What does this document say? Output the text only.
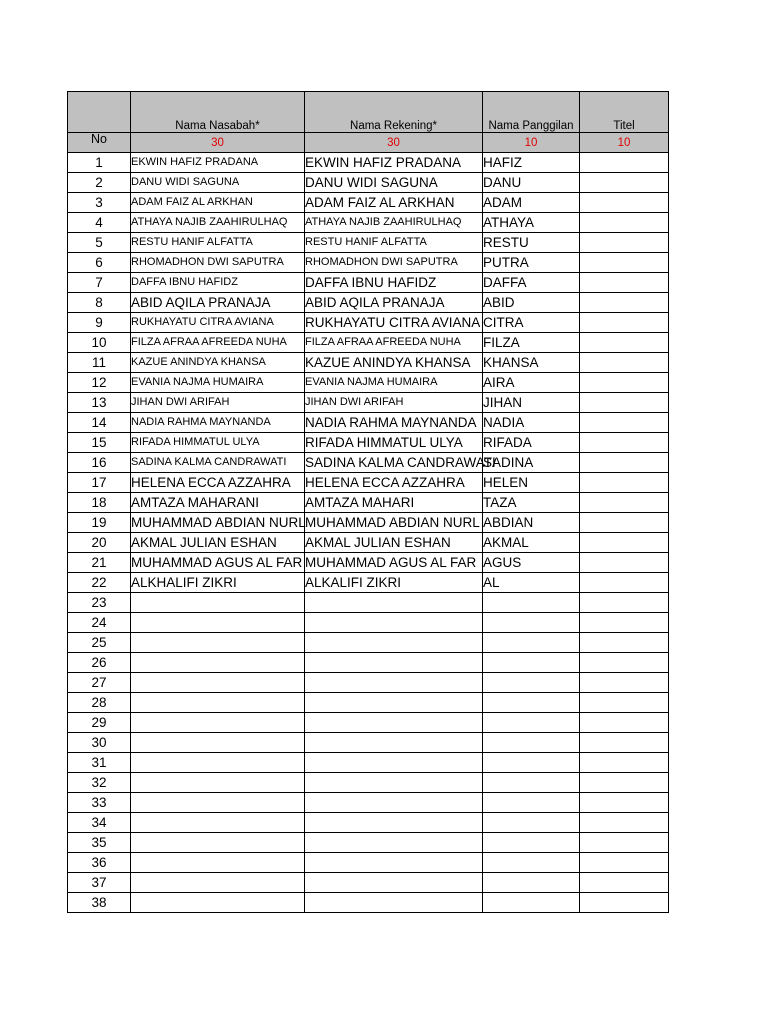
No	Nama Nasabah*	Nama Rekening*	Nama Panggilan	Titel
	30	30	10	10
1	EKWIN HAFIZ PRADANA	EKWIN HAFIZ PRADANA	HAFIZ	
2	DANU WIDI SAGUNA	DANU WIDI SAGUNA	DANU	
3	ADAM FAIZ AL ARKHAN	ADAM FAIZ AL ARKHAN	ADAM	
4	ATHAYA NAJIB ZAAHIRULHAQ	ATHAYA NAJIB ZAAHIRULHAQ	ATHAYA	
5	RESTU HANIF ALFATTA	RESTU HANIF ALFATTA	RESTU	
6	RHOMADHON DWI SAPUTRA	RHOMADHON DWI SAPUTRA	PUTRA	
7	DAFFA IBNU HAFIDZ	DAFFA IBNU HAFIDZ	DAFFA	
8	ABID AQILA PRANAJA	ABID AQILA PRANAJA	ABID	
9	RUKHAYATU CITRA AVIANA	RUKHAYATU CITRA AVIANA	CITRA	
10	FILZA AFRAA AFREEDA NUHA	FILZA AFRAA AFREEDA NUHA	FILZA	
11	KAZUE ANINDYA KHANSA	KAZUE ANINDYA KHANSA	KHANSA	
12	EVANIA NAJMA HUMAIRA	EVANIA NAJMA HUMAIRA	AIRA	
13	JIHAN DWI ARIFAH	JIHAN DWI ARIFAH	JIHAN	
14	NADIA RAHMA MAYNANDA	NADIA RAHMA MAYNANDA	NADIA	
15	RIFADA HIMMATUL ULYA	RIFADA HIMMATUL ULYA	RIFADA	
16	SADINA KALMA CANDRAWATI	SADINA KALMA CANDRAWATI	SADINA	
17	HELENA ECCA AZZAHRA	HELENA ECCA AZZAHRA	HELEN	
18	AMTAZA MAHARANI	AMTAZA MAHARI	TAZA	
19	MUHAMMAD ABDIAN NURL	MUHAMMAD ABDIAN NURL	ABDIAN	
20	AKMAL JULIAN ESHAN	AKMAL JULIAN ESHAN	AKMAL	
21	MUHAMMAD AGUS AL FAR	MUHAMMAD AGUS AL FAR	AGUS	
22	ALKHALIFI ZIKRI	ALKALIFI ZIKRI	AL	
23				
24				
25				
26				
27				
28				
29				
30				
31				
32				
33				
34				
35				
36				
37				
38				
